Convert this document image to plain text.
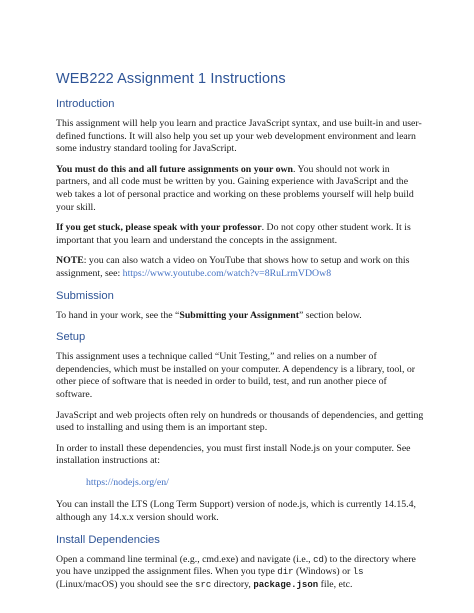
WEB222 Assignment 1 Instructions
Introduction

This assignment will help you learn and practice JavaScript syntax, and use built-in and user-defined functions. It will also help you set up your web development environment and learn some industry standard tooling for JavaScript.

You must do this and all future assignments on your own. You should not work in partners, and all code must be written by you. Gaining experience with JavaScript and the web takes a lot of personal practice and working on these problems yourself will help build your skill.

If you get stuck, please speak with your professor. Do not copy other student work. It is important that you learn and understand the concepts in the assignment.

NOTE: you can also watch a video on YouTube that shows how to setup and work on this assignment, see: https://www.youtube.com/watch?v=8RuLrmVDOw8

Submission

To hand in your work, see the “Submitting your Assignment” section below.

Setup

This assignment uses a technique called “Unit Testing,” and relies on a number of dependencies, which must be installed on your computer. A dependency is a library, tool, or other piece of software that is needed in order to build, test, and run another piece of software.

JavaScript and web projects often rely on hundreds or thousands of dependencies, and getting used to installing and using them is an important step.

In order to install these dependencies, you must first install Node.js on your computer. See installation instructions at:

https://nodejs.org/en/

You can install the LTS (Long Term Support) version of node.js, which is currently 14.15.4, although any 14.x.x version should work.

Install Dependencies

Open a command line terminal (e.g., cmd.exe) and navigate (i.e., cd) to the directory where you have unzipped the assignment files. When you type dir (Windows) or ls (Linux/macOS) you should see the src directory, package.json file, etc.
